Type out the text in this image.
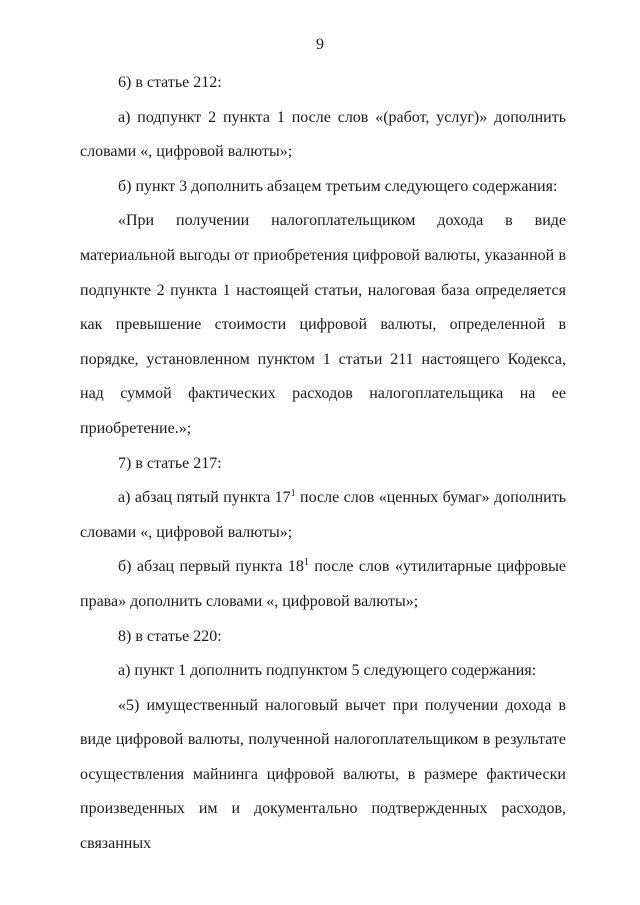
9

6) в статье 212:

а) подпункт 2 пункта 1 после слов «(работ, услуг)» дополнить словами «, цифровой валюты»;

б) пункт 3 дополнить абзацем третьим следующего содержания:

«При получении налогоплательщиком дохода в виде материальной выгоды от приобретения цифровой валюты, указанной в подпункте 2 пункта 1 настоящей статьи, налоговая база определяется как превышение стоимости цифровой валюты, определенной в порядке, установленном пунктом 1 статьи 211 настоящего Кодекса, над суммой фактических расходов налогоплательщика на ее приобретение.»;

7) в статье 217:

а) абзац пятый пункта $17^1$ после слов «ценных бумаг» дополнить словами «, цифровой валюты»;

б) абзац первый пункта $18^1$ после слов «утилитарные цифровые права» дополнить словами «, цифровой валюты»;

8) в статье 220:

а) пункт 1 дополнить подпунктом 5 следующего содержания:

«5) имущественный налоговый вычет при получении дохода в виде цифровой валюты, полученной налогоплательщиком в результате осуществления майнинга цифровой валюты, в размере фактически произведенных им и документально подтвержденных расходов, связанных
